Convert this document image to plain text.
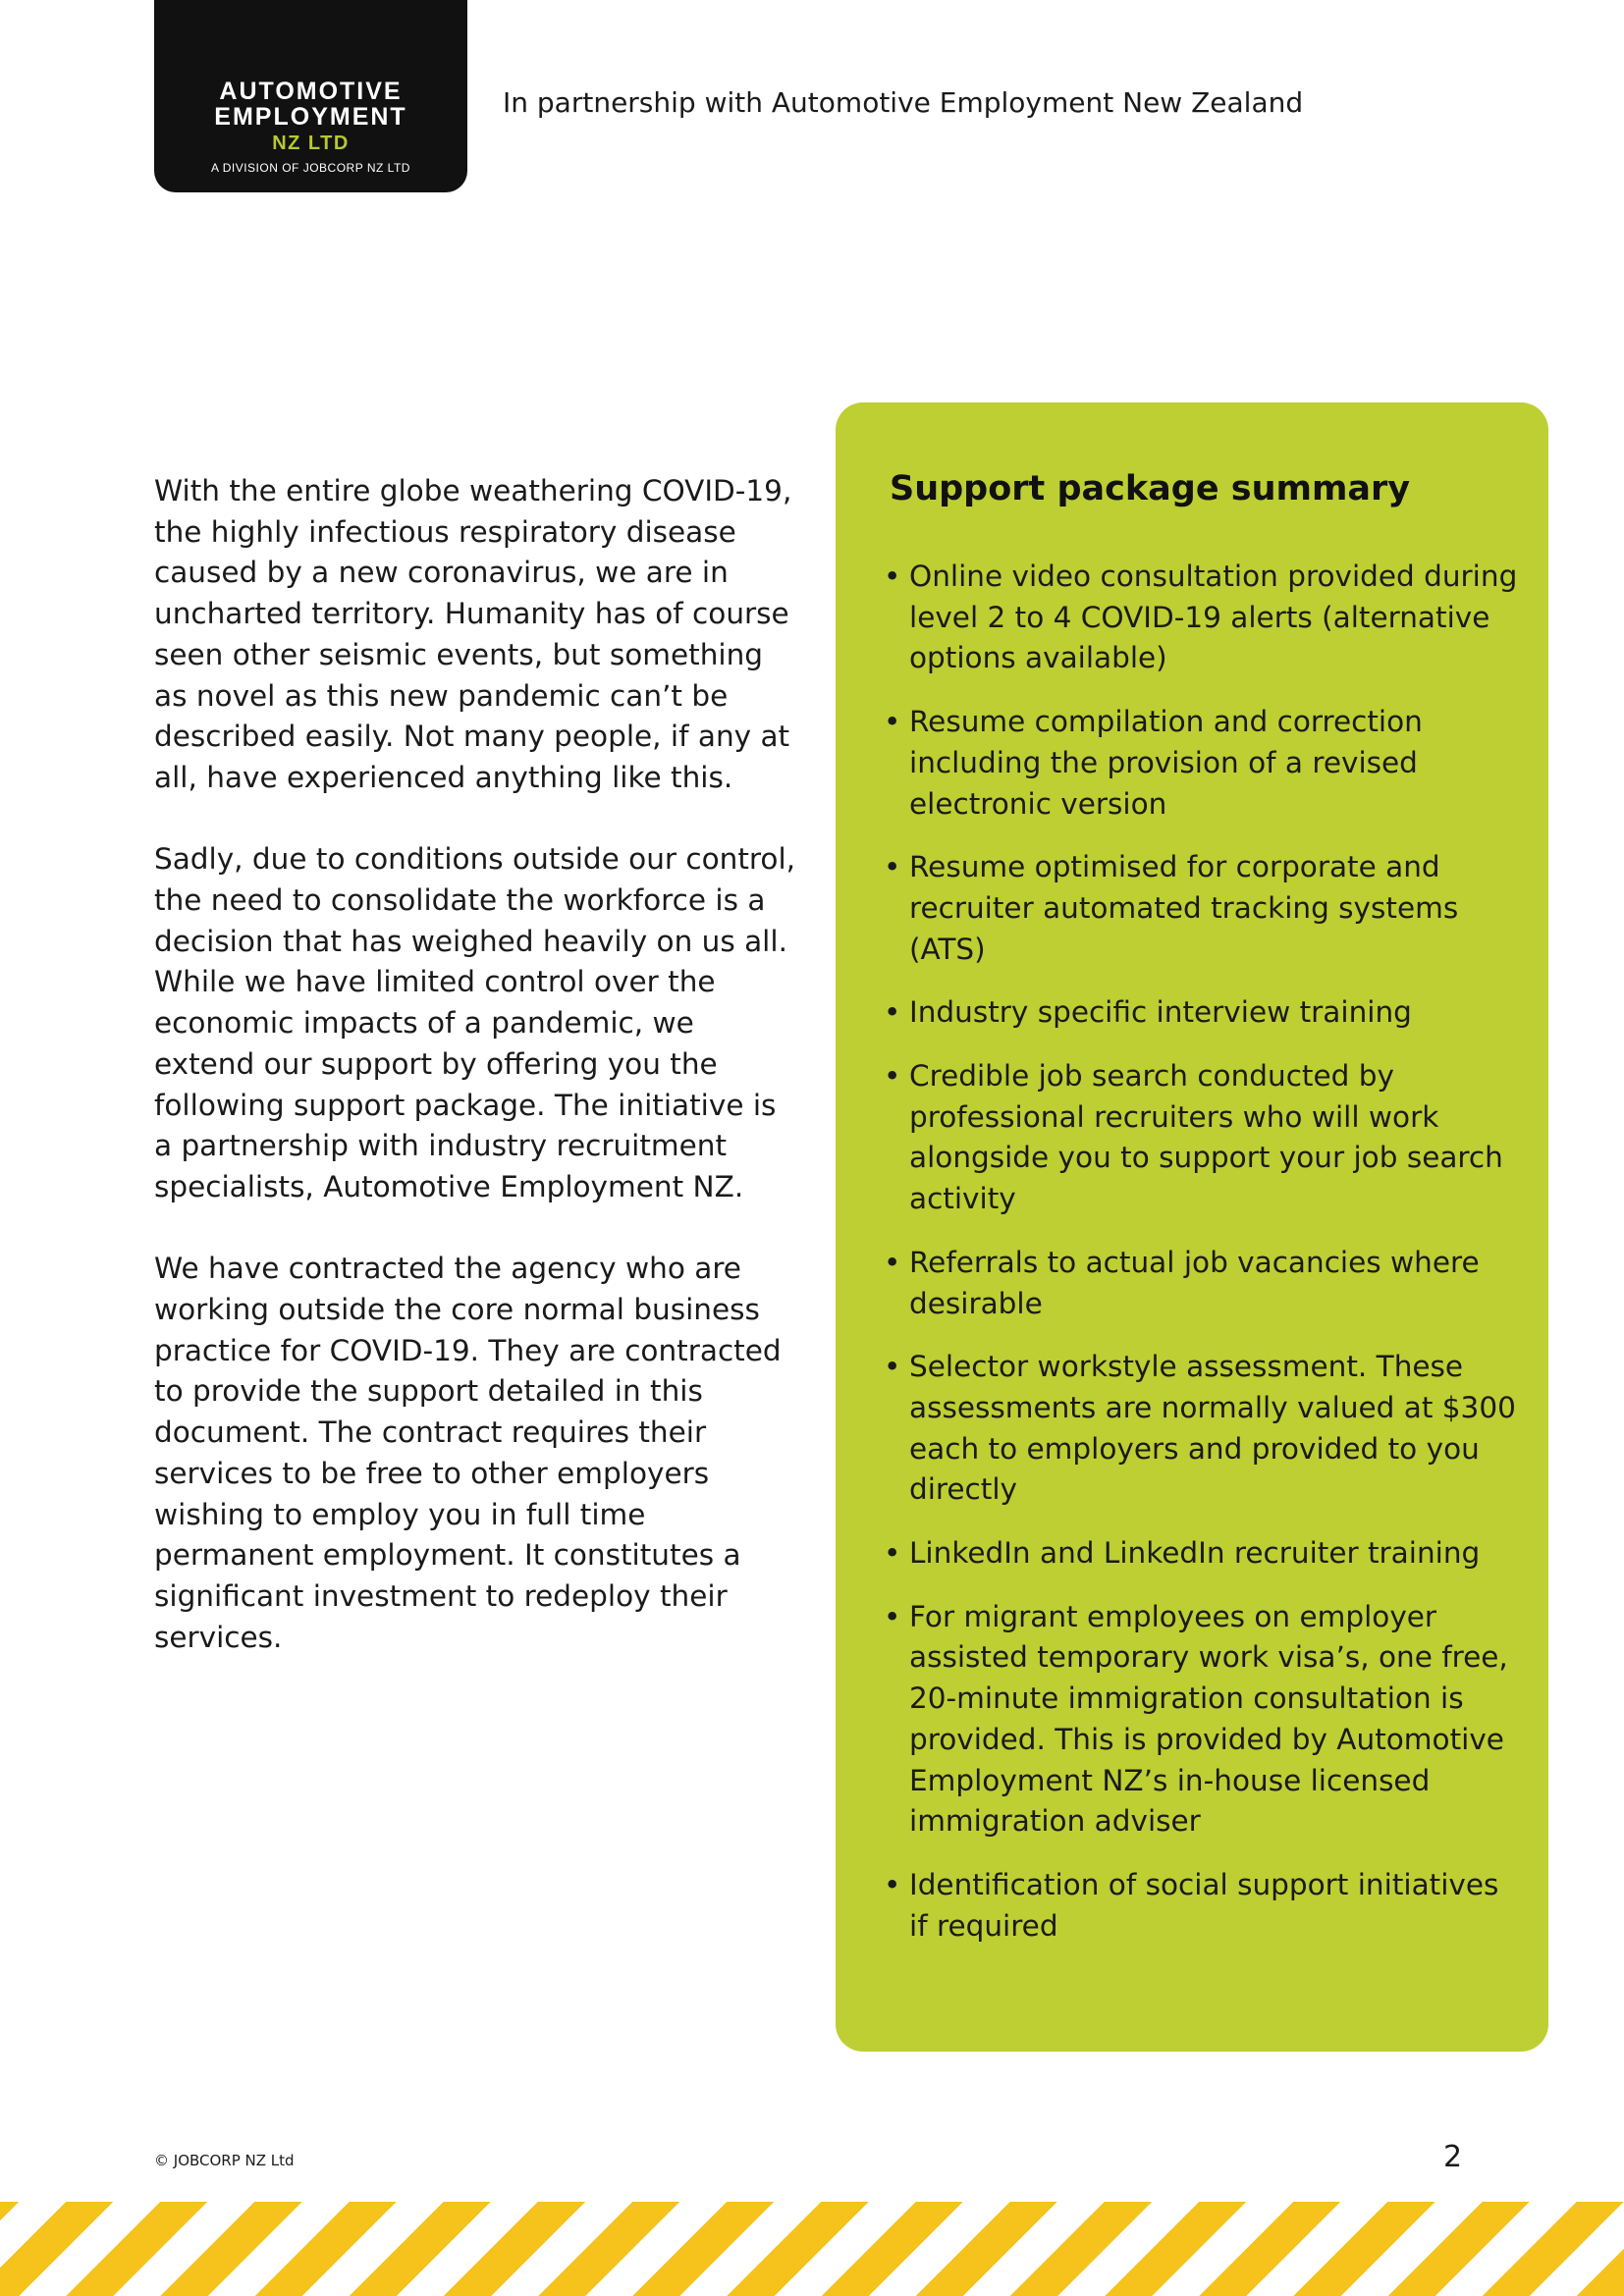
AUTOMOTIVE
EMPLOYMENT
NZ LTD
A DIVISION OF JOBCORP NZ LTD
In partnership with Automotive Employment New Zealand

With the entire globe weathering COVID-19, the highly infectious respiratory disease caused by a new coronavirus, we are in uncharted territory. Humanity has of course seen other seismic events, but something as novel as this new pandemic can’t be described easily. Not many people, if any at all, have experienced anything like this.

Sadly, due to conditions outside our control, the need to consolidate the workforce is a decision that has weighed heavily on us all. While we have limited control over the economic impacts of a pandemic, we extend our support by offering you the following support package. The initiative is a partnership with industry recruitment specialists, Automotive Employment NZ.

We have contracted the agency who are working outside the core normal business practice for COVID-19. They are contracted to provide the support detailed in this document. The contract requires their services to be free to other employers wishing to employ you in full time permanent employment. It constitutes a significant investment to redeploy their services.

Support package summary
• Online video consultation provided during level 2 to 4 COVID-19 alerts (alternative options available)
• Resume compilation and correction including the provision of a revised electronic version
• Resume optimised for corporate and recruiter automated tracking systems (ATS)
• Industry specific interview training
• Credible job search conducted by professional recruiters who will work alongside you to support your job search activity
• Referrals to actual job vacancies where desirable
• Selector workstyle assessment. These assessments are normally valued at $300 each to employers and provided to you directly
• LinkedIn and LinkedIn recruiter training
• For migrant employees on employer assisted temporary work visa’s, one free, 20-minute immigration consultation is provided. This is provided by Automotive Employment NZ’s in-house licensed immigration adviser
• Identification of social support initiatives if required
© JOBCORP NZ Ltd	2
